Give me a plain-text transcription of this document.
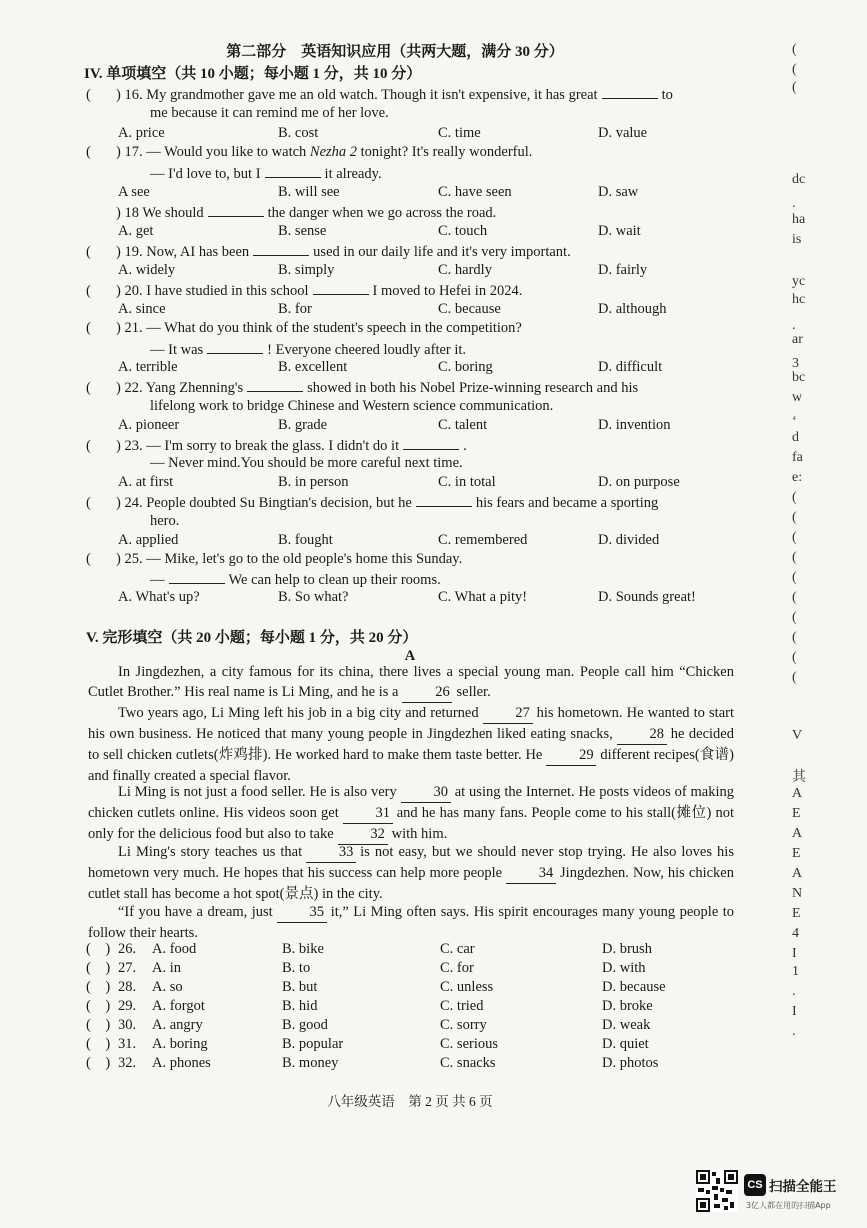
第二部分　英语知识应用（共两大题，满分 30 分）
IV. 单项填空（共 10 小题；每小题 1 分，共 10 分）
( ) 16. My grandmother gave me an old watch. Though it isn't expensive, it has great	to
me because it can remind me of her love.
A. price	B. cost	C. time	D. value
( ) 17. — Would you like to watch Nezha 2 tonight? It's really wonderful.
— I'd love to, but I	it already.
A see	B. will see	C. have seen	D. saw
) 18 We should	the danger when we go across the road.
A. get	B. sense	C. touch	D. wait
( ) 19. Now, AI has been	used in our daily life and it's very important.
A. widely	B. simply	C. hardly	D. fairly
( ) 20. I have studied in this school	I moved to Hefei in 2024.
A. since	B. for	C. because	D. although
( ) 21. — What do you think of the student's speech in the competition?
— It was	! Everyone cheered loudly after it.
A. terrible	B. excellent	C. boring	D. difficult
( ) 22. Yang Zhenning's	showed in both his Nobel Prize-winning research and his
lifelong work to bridge Chinese and Western science communication.
A. pioneer	B. grade	C. talent	D. invention
( ) 23. — I'm sorry to break the glass. I didn't do it	.
— Never mind.You should be more careful next time.
A. at first	B. in person	C. in total	D. on purpose
( ) 24. People doubted Su Bingtian's decision, but he	his fears and became a sporting
hero.
A. applied	B. fought	C. remembered	D. divided
( ) 25. — Mike, let's go to the old people's home this Sunday.
—	We can help to clean up their rooms.
A. What's up?	B. So what?	C. What a pity!	D. Sounds great!
V. 完形填空（共 20 小题；每小题 1 分，共 20 分）
A
In Jingdezhen, a city famous for its china, there lives a special young man. People call him “Chicken Cutlet Brother.” His real name is Li Ming, and he is a	26 seller.
Two years ago, Li Ming left his job in a big city and returned	27 his hometown. He wanted to start his own business. He noticed that many young people in Jingdezhen liked eating snacks,	28 he decided to sell chicken cutlets(炸鸡排). He worked hard to make them taste better. He	29 different recipes(食谱) and finally created a special flavor.
Li Ming is not just a food seller. He is also very	30 at using the Internet. He posts videos of making chicken cutlets online. His videos soon get	31 and he has many fans. People come to his stall(摊位) not only for the delicious food but also to take	32 with him.
Li Ming's story teaches us that	33 is not easy, but we should never stop trying. He also loves his hometown very much. He hopes that his success can help more people	34 Jingdezhen. Now, his chicken cutlet stall has become a hot spot(景点) in the city.
“If you have a dream, just	35 it,” Li Ming often says. His spirit encourages many young people to follow their hearts.
(    ) 26. A. food	B. bike	C. car	D. brush
(    ) 27. A. in	B. to	C. for	D. with
(    ) 28. A. so	B. but	C. unless	D. because
(    ) 29. A. forgot	B. hid	C. tried	D. broke
(    ) 30. A. angry	B. good	C. sorry	D. weak
(    ) 31. A. boring	B. popular	C. serious	D. quiet
(    ) 32. A. phones	B. money	C. snacks	D. photos
八年级英语　第 2 页 共 6 页
(
(
(
dc
.
ha
is
yc
hc
.
ar
3
bc
w
‘
d
fa
e:
(
(
(
(
(
(
(
(
(
(
V
其
A
E
A
E
A
N
E
4
I
1
.
I
.
CS 扫描全能王
3亿人都在用的扫描App
